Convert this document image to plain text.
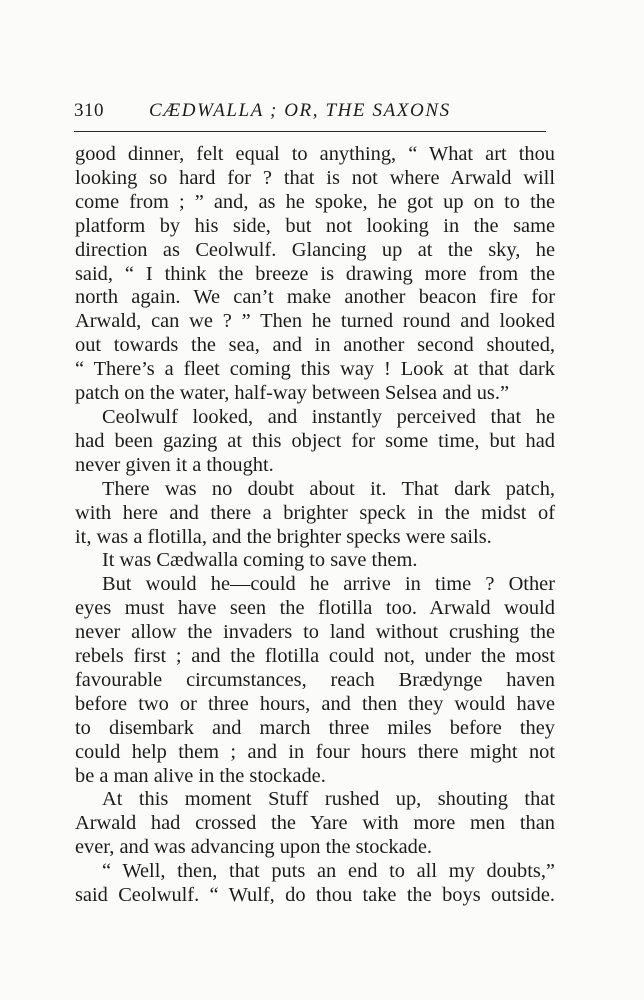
310 CÆDWALLA ; OR, THE SAXONS

good dinner, felt equal to anything, “ What art thou

looking so hard for ? that is not where Arwald will

come from ; ” and, as he spoke, he got up on to the

platform by his side, but not looking in the same

direction as Ceolwulf. Glancing up at the sky, he

said, “ I think the breeze is drawing more from the

north again. We can’t make another beacon fire for

Arwald, can we ? ” Then he turned round and looked

out towards the sea, and in another second shouted,

“ There’s a fleet coming this way ! Look at that dark

patch on the water, half-way between Selsea and us.”

Ceolwulf looked, and instantly perceived that he

had been gazing at this object for some time, but had

never given it a thought.

There was no doubt about it. That dark patch,

with here and there a brighter speck in the midst of

it, was a flotilla, and the brighter specks were sails.

It was Cædwalla coming to save them.

But would he—could he arrive in time ? Other

eyes must have seen the flotilla too. Arwald would

never allow the invaders to land without crushing the

rebels first ; and the flotilla could not, under the most

favourable circumstances, reach Brædynge haven

before two or three hours, and then they would have

to disembark and march three miles before they

could help them ; and in four hours there might not

be a man alive in the stockade.

At this moment Stuff rushed up, shouting that

Arwald had crossed the Yare with more men than

ever, and was advancing upon the stockade.

“ Well, then, that puts an end to all my doubts,”

said Ceolwulf. “ Wulf, do thou take the boys outside.
